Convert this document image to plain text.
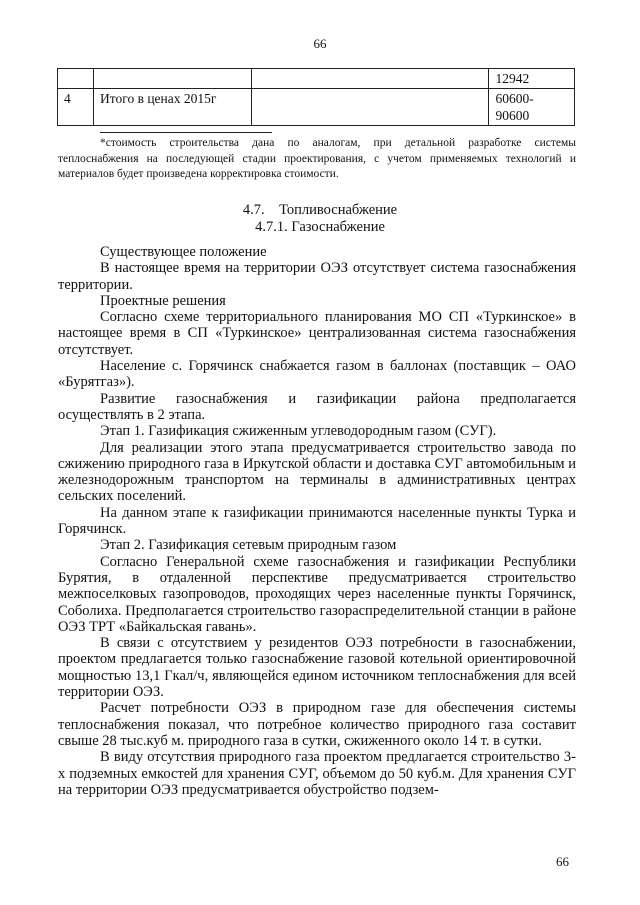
66
			12942
4	Итого в ценах 2015г		60600-
90600
*стоимость строительства дана по аналогам, при детальной разработке системы теплоснабжения на последующей стадии проектирования, с учетом применяемых технологий и материалов будет произведена корректировка стоимости.
4.7.    Топливоснабжение
4.7.1. Газоснабжение

Существующее положение

В настоящее время на территории ОЭЗ отсутствует система газоснабжения территории.

Проектные решения

Согласно схеме территориального планирования МО СП «Туркинское» в настоящее время в СП «Туркинское» централизованная система газоснабжения отсутствует.

Население с. Горячинск снабжается газом в баллонах (поставщик – ОАО «Бурятгаз»).

Развитие газоснабжения и газификации района предполагается осуществлять в 2 этапа.

Этап 1. Газификация сжиженным углеводородным газом (СУГ).

Для реализации этого этапа предусматривается строительство завода по сжижению природного газа в Иркутской области и доставка СУГ автомобильным и железнодорожным транспортом на терминалы в административных центрах сельских поселений.

На данном этапе к газификации принимаются населенные пункты Турка и Горячинск.

Этап 2. Газификация сетевым природным газом

Согласно Генеральной схеме газоснабжения и газификации Республики Бурятия, в отдаленной перспективе предусматривается строительство межпоселковых газопроводов, проходящих через населенные пункты Горячинск, Соболиха. Предполагается строительство газораспределительной станции в районе ОЭЗ ТРТ «Байкальская гавань».

В связи с отсутствием у резидентов ОЭЗ потребности в газоснабжении, проектом предлагается только газоснабжение газовой котельной ориентировочной мощностью 13,1 Гкал/ч, являющейся едином источником теплоснабжения для всей территории ОЭЗ.

Расчет потребности ОЭЗ в природном газе для обеспечения системы теплоснабжения показал, что потребное количество природного газа составит свыше 28 тыс.куб м. природного газа в сутки, сжиженного около 14 т. в сутки.

В виду отсутствия природного газа проектом предлагается строительство 3-х подземных емкостей для хранения СУГ, объемом до 50 куб.м. Для хранения СУГ на территории ОЭЗ предусматривается обустройство подзем-

66
